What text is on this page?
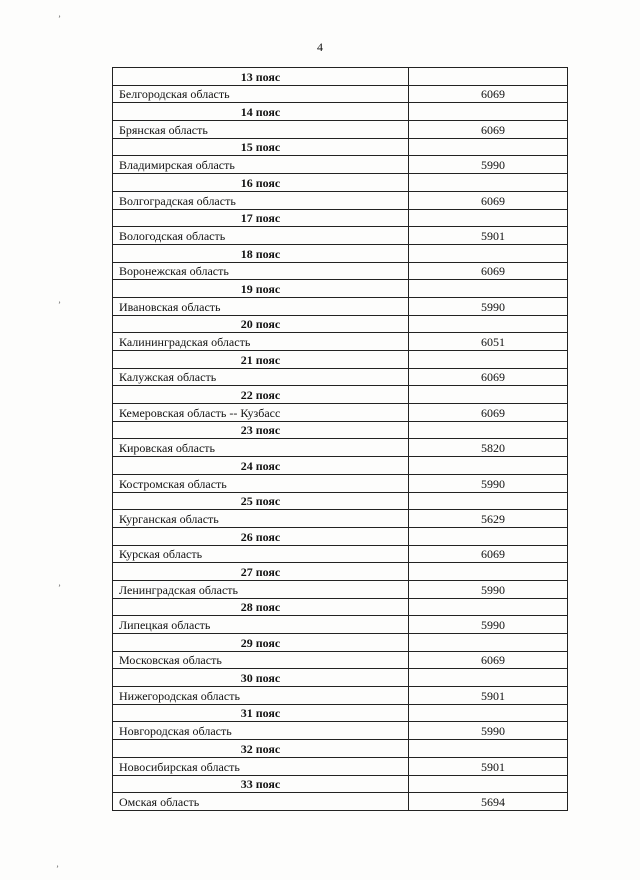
4
ʼ
ʼ
ʼ
ʼ
13 пояс	
Белгородская область	6069
14 пояс	
Брянская область	6069
15 пояс	
Владимирская область	5990
16 пояс	
Волгоградская область	6069
17 пояс	
Вологодская область	5901
18 пояс	
Воронежская область	6069
19 пояс	
Ивановская область	5990
20 пояс	
Калининградская область	6051
21 пояс	
Калужская область	6069
22 пояс	
Кемеровская область -- Кузбасс	6069
23 пояс	
Кировская область	5820
24 пояс	
Костромская область	5990
25 пояс	
Курганская область	5629
26 пояс	
Курская область	6069
27 пояс	
Ленинградская область	5990
28 пояс	
Липецкая область	5990
29 пояс	
Московская область	6069
30 пояс	
Нижегородская область	5901
31 пояс	
Новгородская область	5990
32 пояс	
Новосибирская область	5901
33 пояс	
Омская область	5694
